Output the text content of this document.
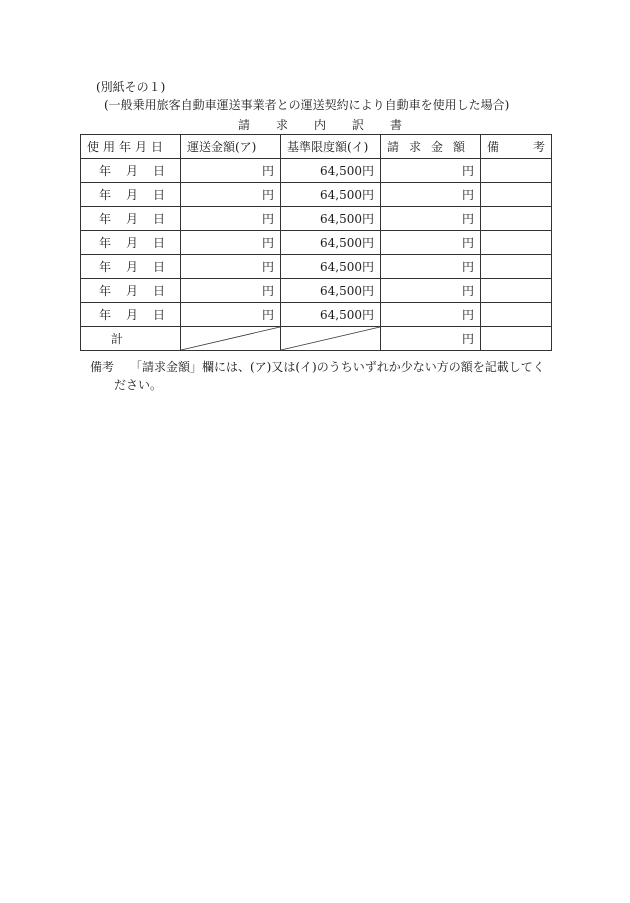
(別紙その１)
(一般乗用旅客自動車運送事業者との運送契約により自動車を使用した場合)
請求内訳書
使用年月日	運送金額(ア)	基準限度額(イ)	請求金額	備考
年月日	円	64,500円	円	
年月日	円	64,500円	円	
年月日	円	64,500円	円	
年月日	円	64,500円	円	
年月日	円	64,500円	円	
年月日	円	64,500円	円	
年月日	円	64,500円	円	
計			円	
備考 「請求金額」欄には、(ア)又は(イ)のうちいずれか少ない方の額を記載してく
ださい。
